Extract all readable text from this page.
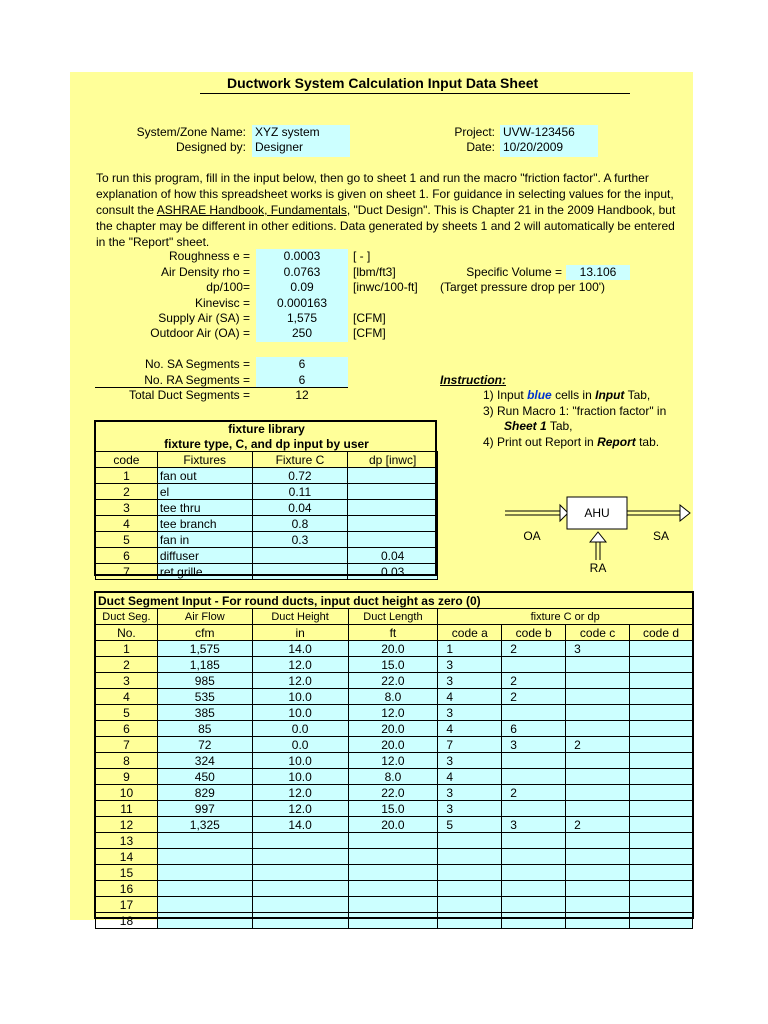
Ductwork System Calculation Input Data Sheet
System/Zone Name: XYZ system
Designed by: Designer
Project: UVW-123456
Date: 10/20/2009
To run this program, fill in the input below, then go to sheet 1 and run the macro "friction factor". A further explanation of how this spreadsheet works is given on sheet 1. For guidance in selecting values for the input, consult the ASHRAE Handbook, Fundamentals, "Duct Design". This is Chapter 21 in the 2009 Handbook, but the chapter may be different in other editions. Data generated by sheets 1 and 2 will automatically be entered in the "Report" sheet.
Roughness e =	0.0003	[ - ]
Air Density rho =	0.0763	[lbm/ft3]
dp/100=	0.09	[inwc/100-ft]
Kinevisc =	0.000163
Supply Air (SA) =	1,575	[CFM]
Outdoor Air (OA) =	250	[CFM]
Specific Volume =	13.106
(Target pressure drop per 100')
No. SA Segments =	6
No. RA Segments =	6
Total Duct Segments =	12
Instruction:
1) Input blue cells in Input Tab,
3) Run Macro 1: "fraction factor" in
Sheet 1 Tab,
4) Print out Report in Report tab.
fixture library			
fixture type, C, and dp input by user			
code	Fixtures	Fixture C	dp [inwc]
1	fan out	0.72	
2	el	0.11	
3	tee thru	0.04	
4	tee branch	0.8	
5	fan in	0.3	
6	diffuser		0.04
7	ret grille		0.03
AHU
OA	SA
RA
Duct Segment Input - For round ducts, input duct height as zero (0)							
Duct Seg.	Air Flow	Duct Height	Duct Length	fixture C or dp			
No.	cfm	in	ft	code a	code b	code c	code d
1	1,575	14.0	20.0	1	2	3	
2	1,185	12.0	15.0	3			
3	985	12.0	22.0	3	2		
4	535	10.0	8.0	4	2		
5	385	10.0	12.0	3			
6	85	0.0	20.0	4	6		
7	72	0.0	20.0	7	3	2	
8	324	10.0	12.0	3			
9	450	10.0	8.0	4			
10	829	12.0	22.0	3	2		
11	997	12.0	15.0	3			
12	1,325	14.0	20.0	5	3	2	
13							
14							
15							
16							
17							
18							
